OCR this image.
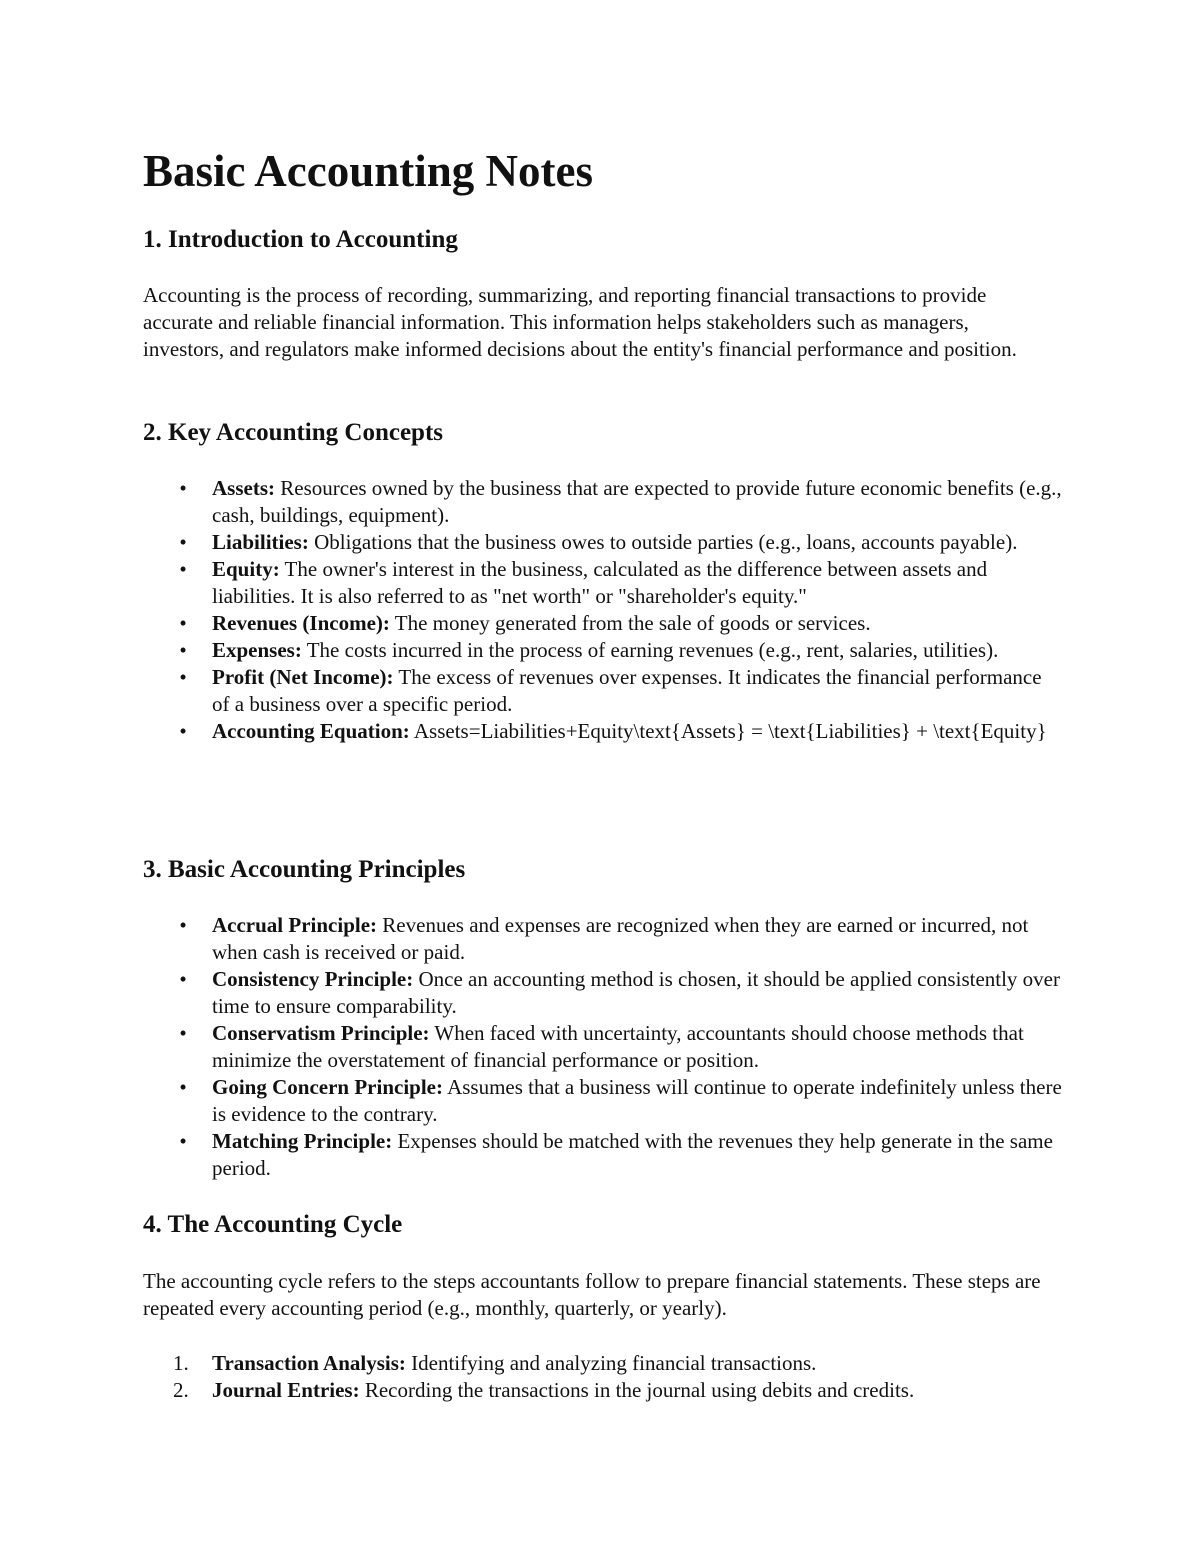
Basic Accounting Notes
1. Introduction to Accounting

Accounting is the process of recording, summarizing, and reporting financial transactions to provide accurate and reliable financial information. This information helps stakeholders such as managers, investors, and regulators make informed decisions about the entity's financial performance and position.

2. Key Accounting Concepts
•	Assets: Resources owned by the business that are expected to provide future economic benefits (e.g., cash, buildings, equipment).
•	Liabilities: Obligations that the business owes to outside parties (e.g., loans, accounts payable).
•	Equity: The owner's interest in the business, calculated as the difference between assets and liabilities. It is also referred to as "net worth" or "shareholder's equity."
•	Revenues (Income): The money generated from the sale of goods or services.
•	Expenses: The costs incurred in the process of earning revenues (e.g., rent, salaries, utilities).
•	Profit (Net Income): The excess of revenues over expenses. It indicates the financial performance of a business over a specific period.
•	Accounting Equation: Assets=Liabilities+Equity\text{Assets} = \text{Liabilities} + \text{Equity}
3. Basic Accounting Principles
•	Accrual Principle: Revenues and expenses are recognized when they are earned or incurred, not when cash is received or paid.
•	Consistency Principle: Once an accounting method is chosen, it should be applied consistently over time to ensure comparability.
•	Conservatism Principle: When faced with uncertainty, accountants should choose methods that minimize the overstatement of financial performance or position.
•	Going Concern Principle: Assumes that a business will continue to operate indefinitely unless there is evidence to the contrary.
•	Matching Principle: Expenses should be matched with the revenues they help generate in the same period.
4. The Accounting Cycle

The accounting cycle refers to the steps accountants follow to prepare financial statements. These steps are repeated every accounting period (e.g., monthly, quarterly, or yearly).

1.	Transaction Analysis: Identifying and analyzing financial transactions.
2.	Journal Entries: Recording the transactions in the journal using debits and credits.
